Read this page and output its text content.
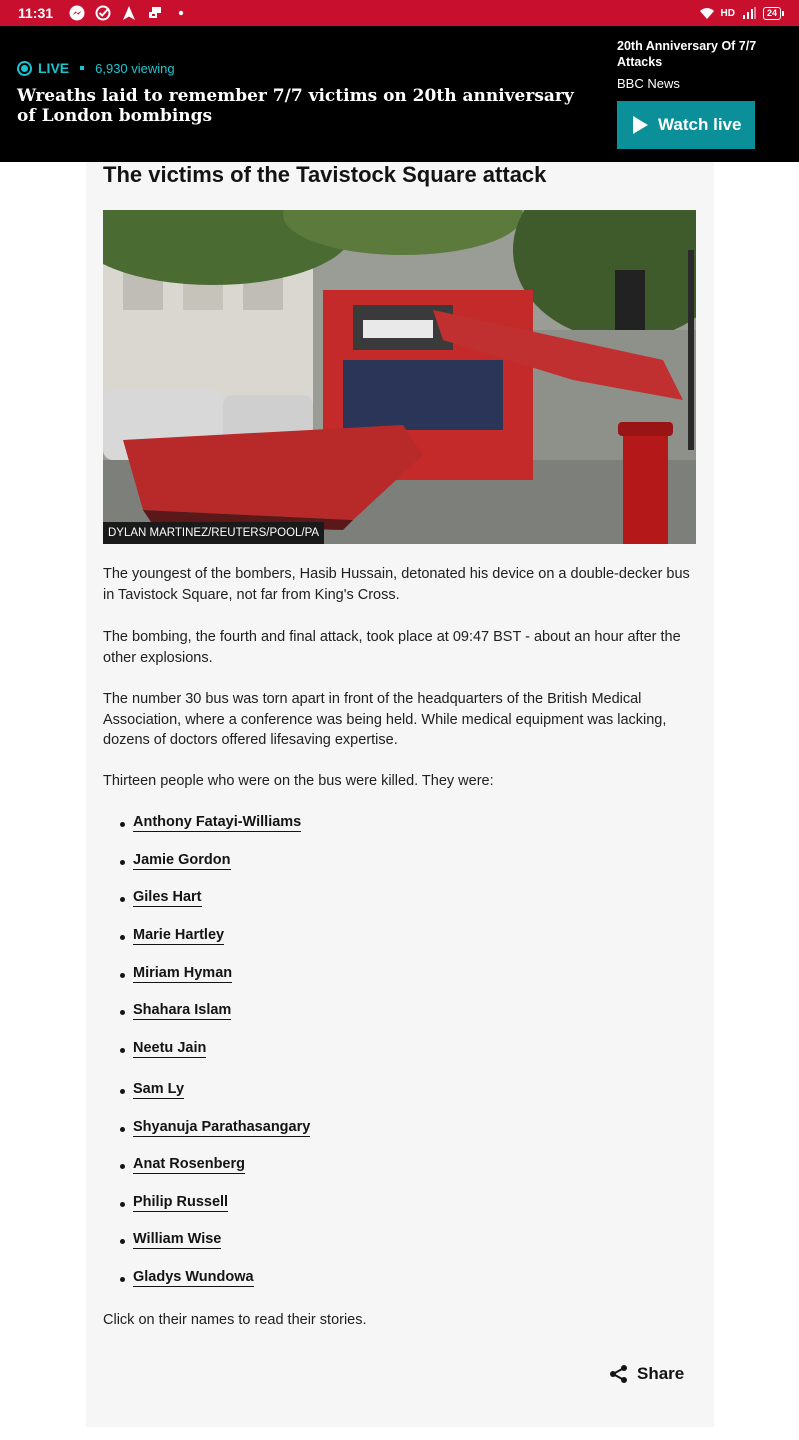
11:31	HD	24
LIVE 6,930 viewing
Wreaths laid to remember 7/7 victims on 20th anniversary of London bombings
20th Anniversary Of 7/7 Attacks
BBC News
Watch live
The victims of the Tavistock Square attack
DYLAN MARTINEZ/REUTERS/POOL/PA

The youngest of the bombers, Hasib Hussain, detonated his device on a double-decker bus in Tavistock Square, not far from King's Cross.

The bombing, the fourth and final attack, took place at 09:47 BST - about an hour after the other explosions.

The number 30 bus was torn apart in front of the headquarters of the British Medical Association, where a conference was being held. While medical equipment was lacking, dozens of doctors offered lifesaving expertise.

Thirteen people who were on the bus were killed. They were:

Anthony Fatayi-Williams
Jamie Gordon
Giles Hart
Marie Hartley
Miriam Hyman
Shahara Islam
Neetu Jain
Sam Ly
Shyanuja Parathasangary
Anat Rosenberg
Philip Russell
William Wise
Gladys Wundowa

Click on their names to read their stories.

Share
